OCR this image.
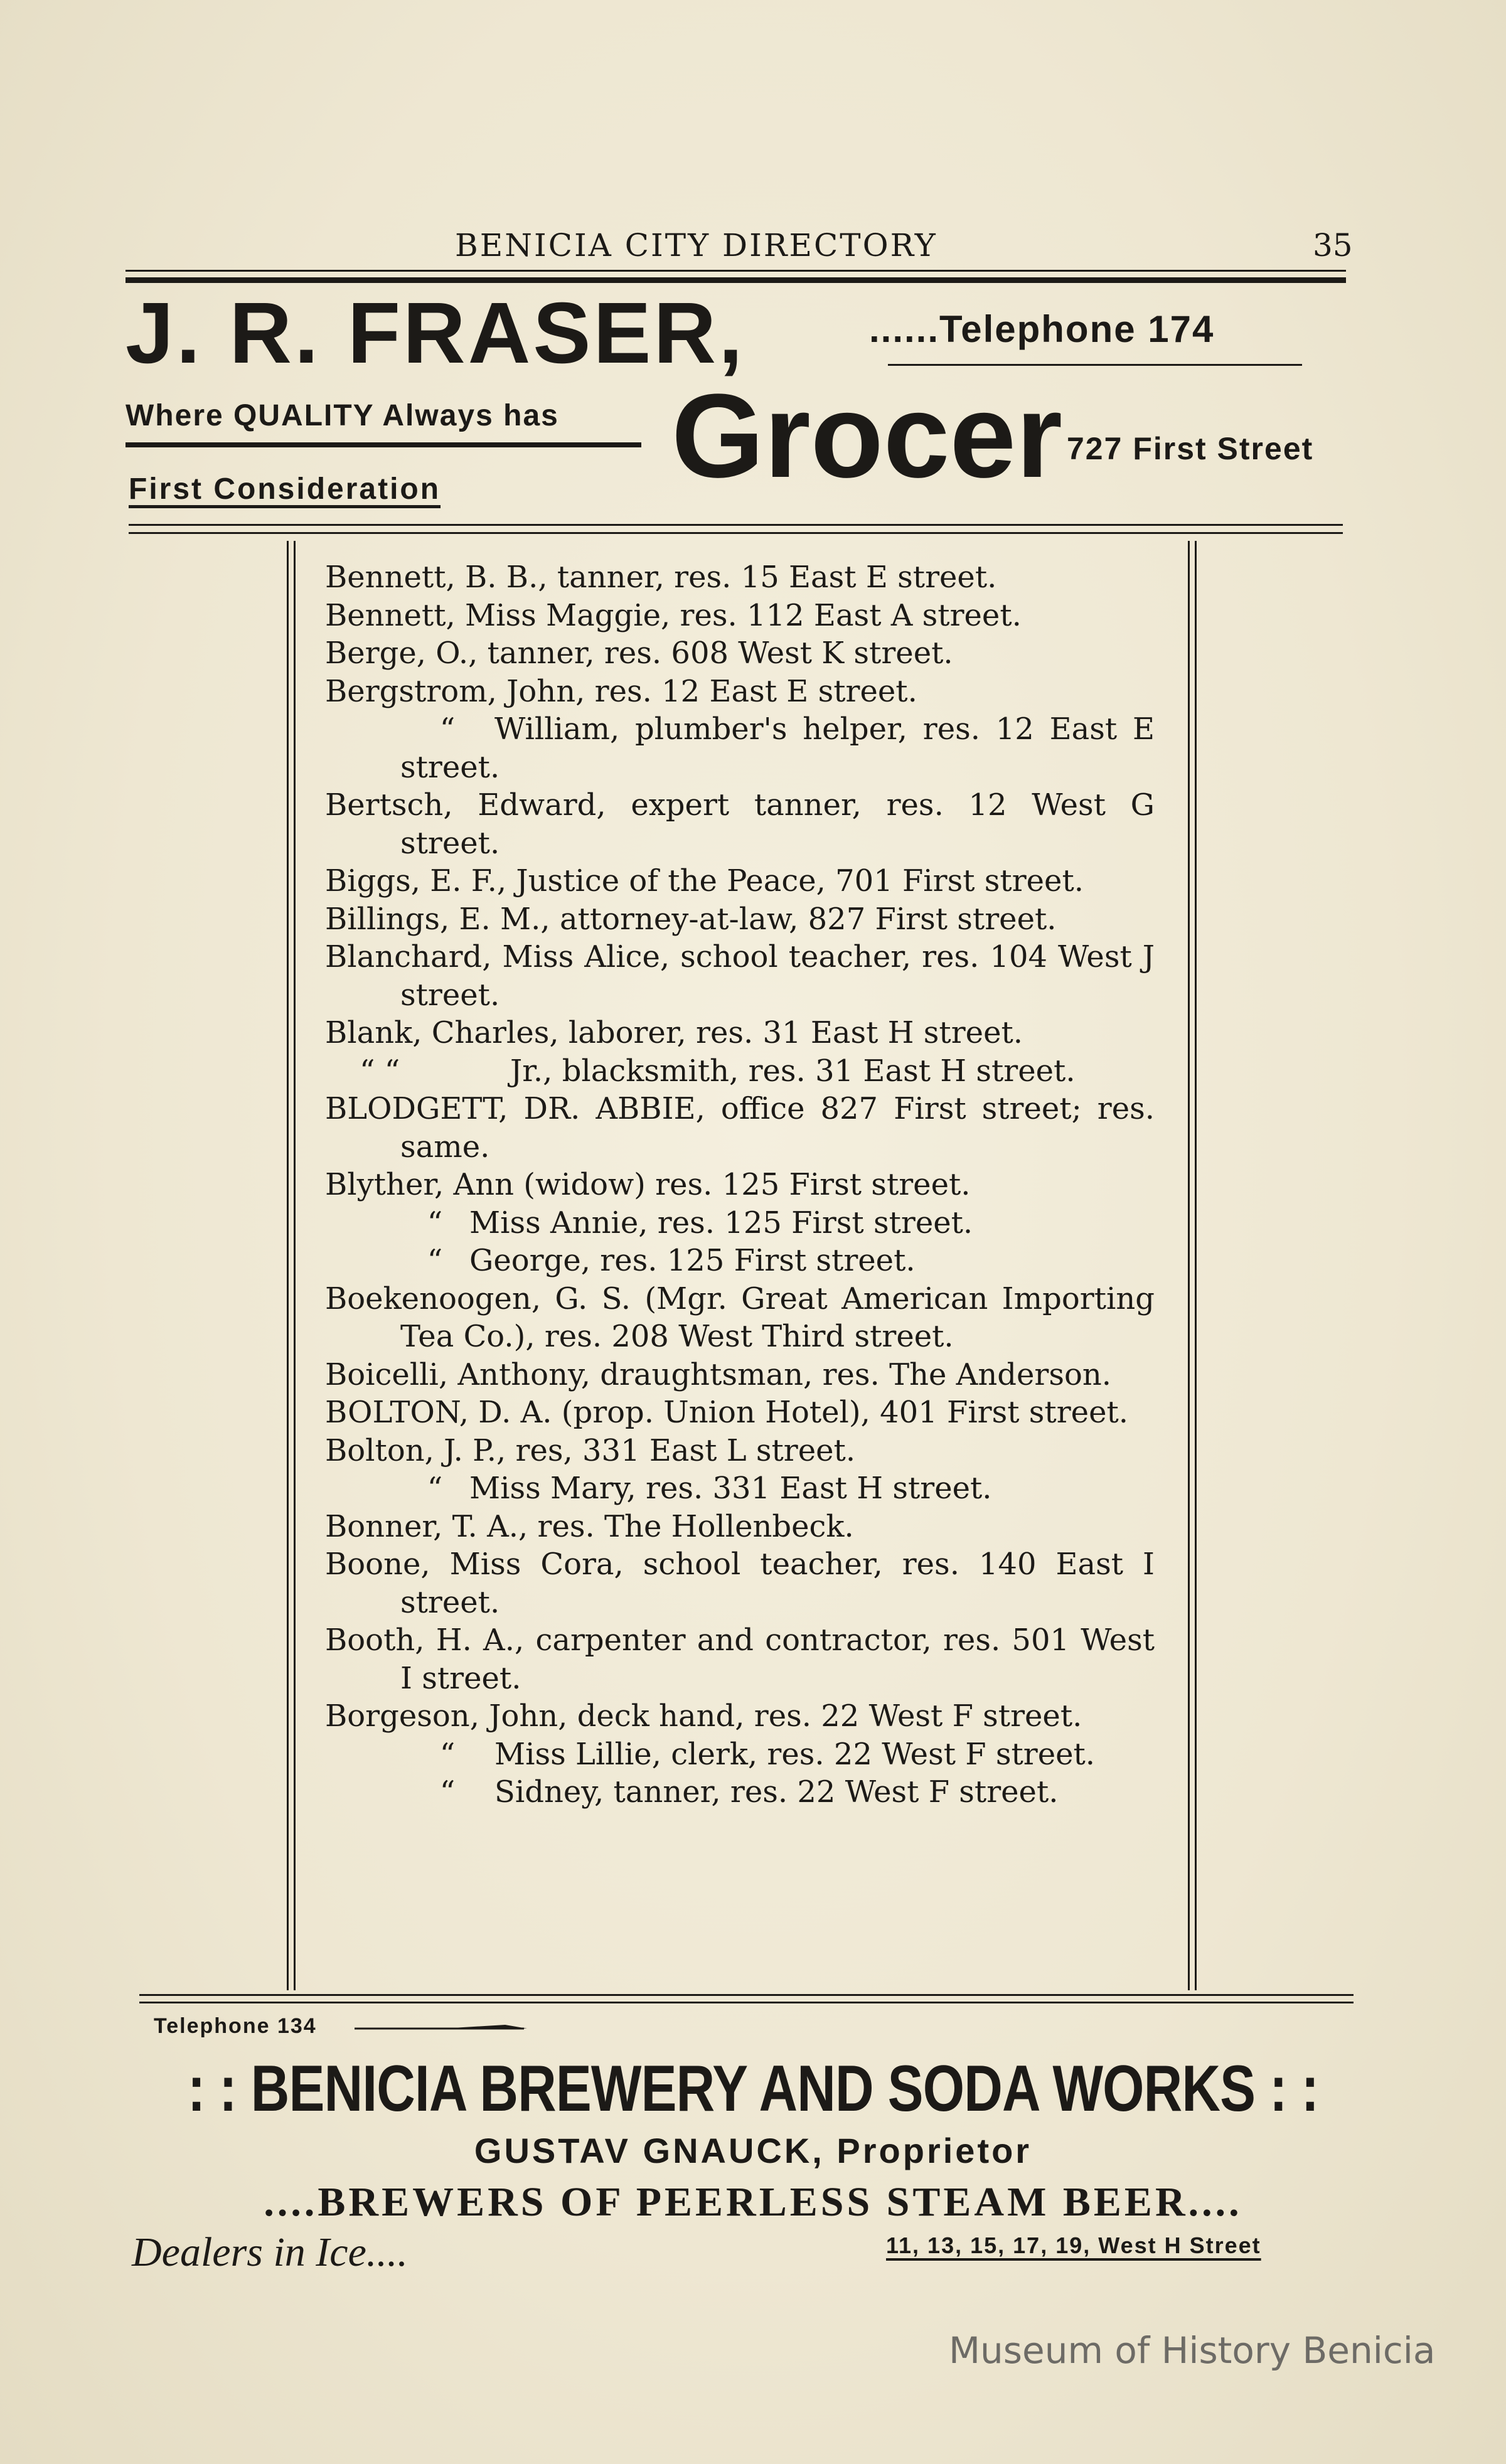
BENICIA CITY DIRECTORY	35
J. R. FRASER,	......Telephone 174
Where QUALITY Always has
First Consideration Grocer 727 First Street
Bennett, B. B., tanner, res. 15 East E street.
Bennett, Miss Maggie, res. 112 East A street.
Berge, O., tanner, res. 608 West K street.
Bergstrom, John, res. 12 East E street.
“ William, plumber's helper, res. 12 East E street.
Bertsch, Edward, expert tanner, res. 12 West G street.
Biggs, E. F., Justice of the Peace, 701 First street.
Billings, E. M., attorney-at-law, 827 First street.
Blanchard, Miss Alice, school teacher, res. 104 West J street.
Blank, Charles, laborer, res. 31 East H street.
“ “	Jr., blacksmith, res. 31 East H street.
BLODGETT, DR. ABBIE, office 827 First street; res. same.
Blyther, Ann (widow) res. 125 First street.
“ Miss Annie, res. 125 First street.
“ George, res. 125 First street.
Boekenoogen, G. S. (Mgr. Great American Importing Tea Co.), res. 208 West Third street.
Boicelli, Anthony, draughtsman, res. The Anderson.
BOLTON, D. A. (prop. Union Hotel), 401 First street.
Bolton, J. P., res, 331 East L street.
“ Miss Mary, res. 331 East H street.
Bonner, T. A., res. The Hollenbeck.
Boone, Miss Cora, school teacher, res. 140 East I street.
Booth, H. A., carpenter and contractor, res. 501 West I street.
Borgeson, John, deck hand, res. 22 West F street.
“ Miss Lillie, clerk, res. 22 West F street.
“ Sidney, tanner, res. 22 West F street.
Telephone 134
: : BENICIA BREWERY AND SODA WORKS : :
GUSTAV GNAUCK, Proprietor
....BREWERS OF PEERLESS STEAM BEER....
Dealers in Ice....	11, 13, 15, 17, 19, West H Street
Museum of History Benicia
